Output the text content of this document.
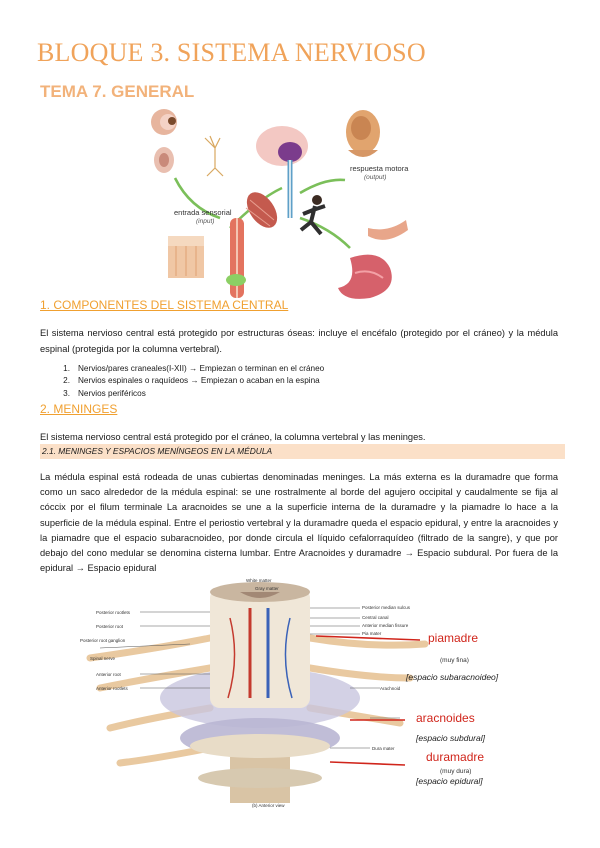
BLOQUE 3. SISTEMA NERVIOSO
TEMA 7. GENERAL
respuesta motora
(output)
entrada sensorial
(input)
1. COMPONENTES DEL SISTEMA CENTRAL
El sistema nervioso central está protegido por estructuras óseas: incluye el encéfalo (protegido por el cráneo) y la médula espinal (protegida por la columna vertebral).
1. Nervios/pares craneales(I-XII) → Empiezan o terminan en el cráneo
2. Nervios espinales o raquídeos → Empiezan o acaban en la espina
3. Nervios periféricos
2. MENINGES
El sistema nervioso central está protegido por el cráneo, la columna vertebral y las meninges.
2.1. MENINGES Y ESPACIOS MENÍNGEOS EN LA MÉDULA
La médula espinal está rodeada de unas cubiertas denominadas meninges. La más externa es la duramadre que forma como un saco alrededor de la médula espinal: se une rostralmente al borde del agujero occipital y caudalmente se fija al cóccix por el filum terminale La aracnoides se une a la superficie interna de la duramadre y la piamadre lo hace a la superficie de la médula espinal. Entre el periostio vertebral y la duramadre queda el espacio epidural, y entre la aracnoides y la piamadre que el espacio subaracnoideo, por donde circula el líquido cefalorraquídeo (filtrado de la sangre), y que por debajo del cono medular se denomina cisterna lumbar. Entre Aracnoides y duramadre → Espacio subdural. Por fuera de la epidural → Espacio epidural
White matter
Gray matter
Posterior median sulcus
Central canal
Anterior median fissure
Pia mater
Arachnoid
Dura mater
Posterior rootlets
Posterior root
Posterior root ganglion
Spinal nerve
Anterior root
Anterior rootlets
(b) Anterior view
piamadre
(muy fina)
[espacio subaracnoideo]
aracnoides
[espacio subdural]
duramadre
(muy dura)
[espacio epidural]
